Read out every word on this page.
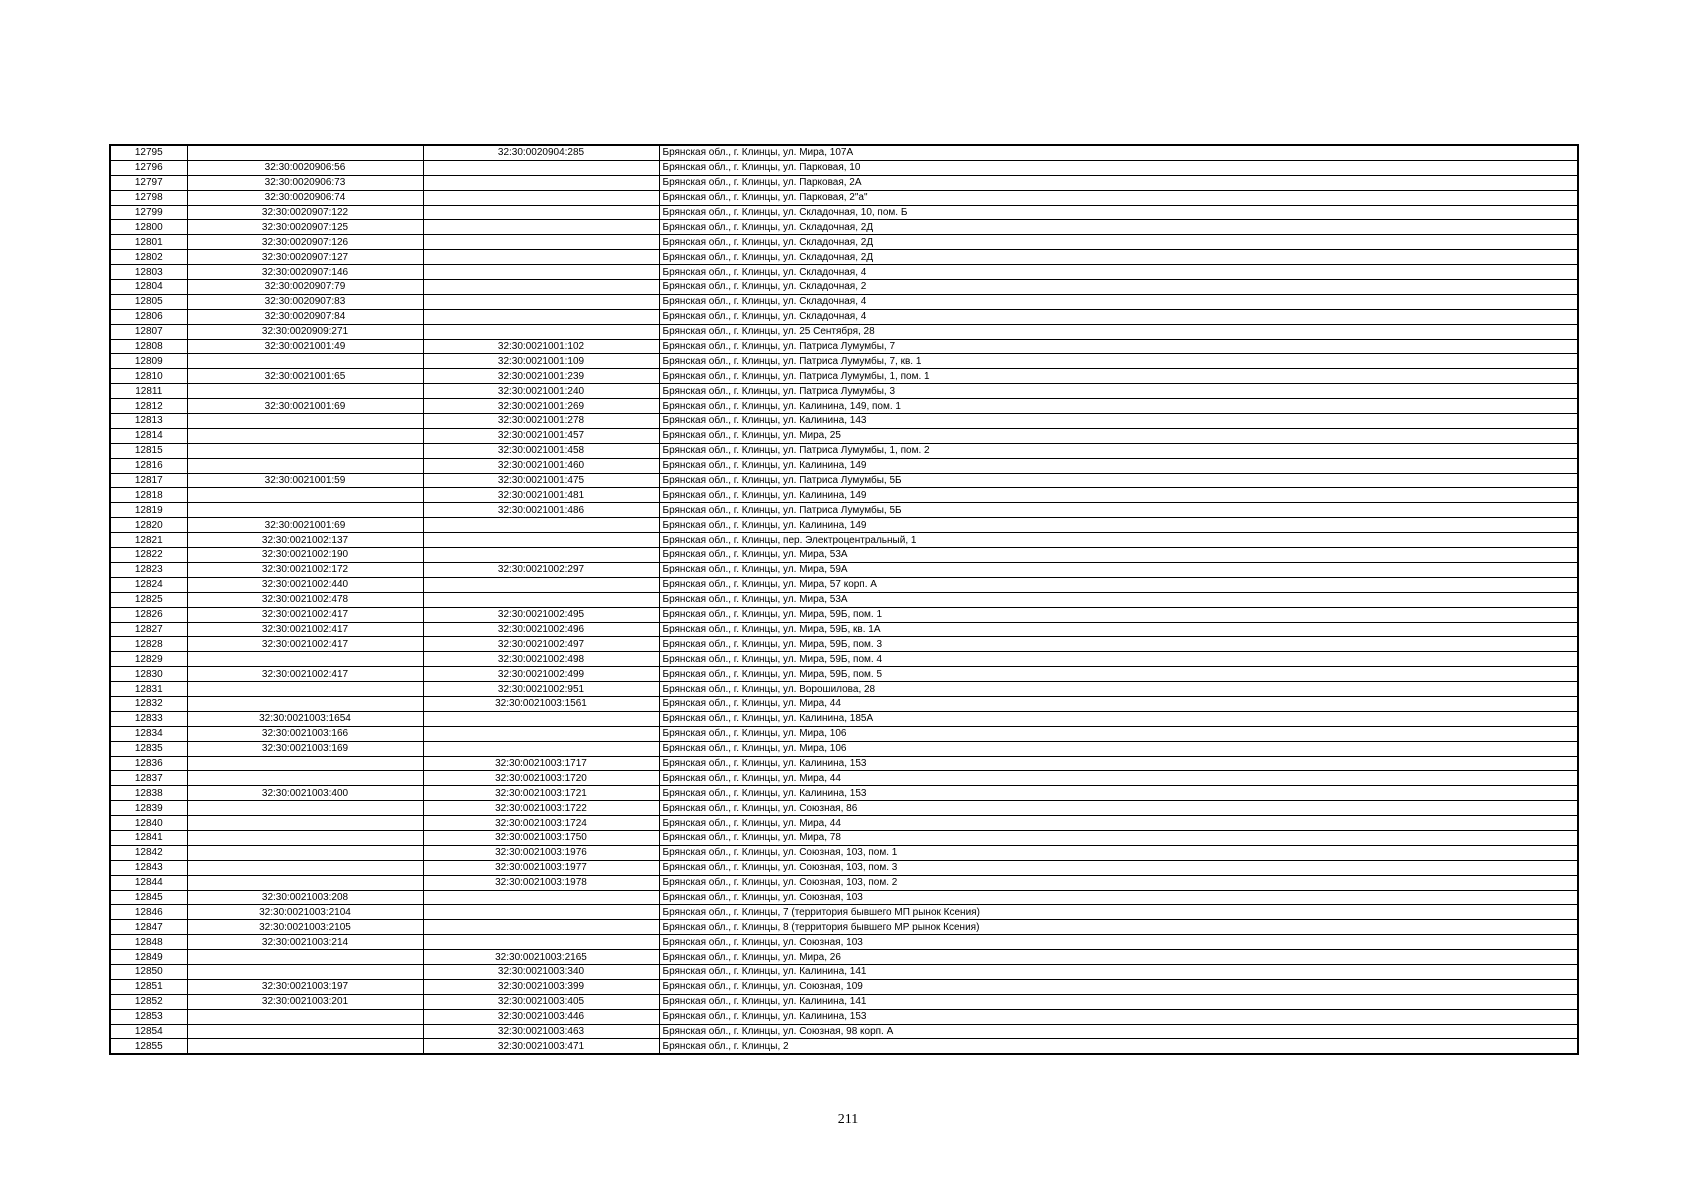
12795		32:30:0020904:285	Брянская обл., г. Клинцы, ул. Мира, 107А
12796	32:30:0020906:56		Брянская обл., г. Клинцы, ул. Парковая, 10
12797	32:30:0020906:73		Брянская обл., г. Клинцы, ул. Парковая, 2А
12798	32:30:0020906:74		Брянская обл., г. Клинцы, ул. Парковая, 2"а"
12799	32:30:0020907:122		Брянская обл., г. Клинцы, ул. Складочная, 10, пом. Б
12800	32:30:0020907:125		Брянская обл., г. Клинцы, ул. Складочная, 2Д
12801	32:30:0020907:126		Брянская обл., г. Клинцы, ул. Складочная, 2Д
12802	32:30:0020907:127		Брянская обл., г. Клинцы, ул. Складочная, 2Д
12803	32:30:0020907:146		Брянская обл., г. Клинцы, ул. Складочная, 4
12804	32:30:0020907:79		Брянская обл., г. Клинцы, ул. Складочная, 2
12805	32:30:0020907:83		Брянская обл., г. Клинцы, ул. Складочная, 4
12806	32:30:0020907:84		Брянская обл., г. Клинцы, ул. Складочная, 4
12807	32:30:0020909:271		Брянская обл., г. Клинцы, ул. 25 Сентября, 28
12808	32:30:0021001:49	32:30:0021001:102	Брянская обл., г. Клинцы, ул. Патриса Лумумбы, 7
12809		32:30:0021001:109	Брянская обл., г. Клинцы, ул. Патриса Лумумбы, 7, кв. 1
12810	32:30:0021001:65	32:30:0021001:239	Брянская обл., г. Клинцы, ул. Патриса Лумумбы, 1, пом. 1
12811		32:30:0021001:240	Брянская обл., г. Клинцы, ул. Патриса Лумумбы, 3
12812	32:30:0021001:69	32:30:0021001:269	Брянская обл., г. Клинцы, ул. Калинина, 149, пом. 1
12813		32:30:0021001:278	Брянская обл., г. Клинцы, ул. Калинина, 143
12814		32:30:0021001:457	Брянская обл., г. Клинцы, ул. Мира, 25
12815		32:30:0021001:458	Брянская обл., г. Клинцы, ул. Патриса Лумумбы, 1, пом. 2
12816		32:30:0021001:460	Брянская обл., г. Клинцы, ул. Калинина, 149
12817	32:30:0021001:59	32:30:0021001:475	Брянская обл., г. Клинцы, ул. Патриса Лумумбы, 5Б
12818		32:30:0021001:481	Брянская обл., г. Клинцы, ул. Калинина, 149
12819		32:30:0021001:486	Брянская обл., г. Клинцы, ул. Патриса Лумумбы, 5Б
12820	32:30:0021001:69		Брянская обл., г. Клинцы, ул. Калинина, 149
12821	32:30:0021002:137		Брянская обл., г. Клинцы, пер. Электроцентральный, 1
12822	32:30:0021002:190		Брянская обл., г. Клинцы, ул. Мира, 53А
12823	32:30:0021002:172	32:30:0021002:297	Брянская обл., г. Клинцы, ул. Мира, 59А
12824	32:30:0021002:440		Брянская обл., г. Клинцы, ул. Мира, 57 корп. А
12825	32:30:0021002:478		Брянская обл., г. Клинцы, ул. Мира, 53А
12826	32:30:0021002:417	32:30:0021002:495	Брянская обл., г. Клинцы, ул. Мира, 59Б, пом. 1
12827	32:30:0021002:417	32:30:0021002:496	Брянская обл., г. Клинцы, ул. Мира, 59Б, кв. 1А
12828	32:30:0021002:417	32:30:0021002:497	Брянская обл., г. Клинцы, ул. Мира, 59Б, пом. 3
12829		32:30:0021002:498	Брянская обл., г. Клинцы, ул. Мира, 59Б, пом. 4
12830	32:30:0021002:417	32:30:0021002:499	Брянская обл., г. Клинцы, ул. Мира, 59Б, пом. 5
12831		32:30:0021002:951	Брянская обл., г. Клинцы, ул. Ворошилова, 28
12832		32:30:0021003:1561	Брянская обл., г. Клинцы, ул. Мира, 44
12833	32:30:0021003:1654		Брянская обл., г. Клинцы, ул. Калинина, 185А
12834	32:30:0021003:166		Брянская обл., г. Клинцы, ул. Мира, 106
12835	32:30:0021003:169		Брянская обл., г. Клинцы, ул. Мира, 106
12836		32:30:0021003:1717	Брянская обл., г. Клинцы, ул. Калинина, 153
12837		32:30:0021003:1720	Брянская обл., г. Клинцы, ул. Мира, 44
12838	32:30:0021003:400	32:30:0021003:1721	Брянская обл., г. Клинцы, ул. Калинина, 153
12839		32:30:0021003:1722	Брянская обл., г. Клинцы, ул. Союзная, 86
12840		32:30:0021003:1724	Брянская обл., г. Клинцы, ул. Мира, 44
12841		32:30:0021003:1750	Брянская обл., г. Клинцы, ул. Мира, 78
12842		32:30:0021003:1976	Брянская обл., г. Клинцы, ул. Союзная, 103, пом. 1
12843		32:30:0021003:1977	Брянская обл., г. Клинцы, ул. Союзная, 103, пом. 3
12844		32:30:0021003:1978	Брянская обл., г. Клинцы, ул. Союзная, 103, пом. 2
12845	32:30:0021003:208		Брянская обл., г. Клинцы, ул. Союзная, 103
12846	32:30:0021003:2104		Брянская обл., г. Клинцы, 7 (территория бывшего МП рынок Ксения)
12847	32:30:0021003:2105		Брянская обл., г. Клинцы, 8 (территория бывшего МР рынок Ксения)
12848	32:30:0021003:214		Брянская обл., г. Клинцы, ул. Союзная, 103
12849		32:30:0021003:2165	Брянская обл., г. Клинцы, ул. Мира, 26
12850		32:30:0021003:340	Брянская обл., г. Клинцы, ул. Калинина, 141
12851	32:30:0021003:197	32:30:0021003:399	Брянская обл., г. Клинцы, ул. Союзная, 109
12852	32:30:0021003:201	32:30:0021003:405	Брянская обл., г. Клинцы, ул. Калинина, 141
12853		32:30:0021003:446	Брянская обл., г. Клинцы, ул. Калинина, 153
12854		32:30:0021003:463	Брянская обл., г. Клинцы, ул. Союзная, 98 корп. А
12855		32:30:0021003:471	Брянская обл., г. Клинцы, 2
211
